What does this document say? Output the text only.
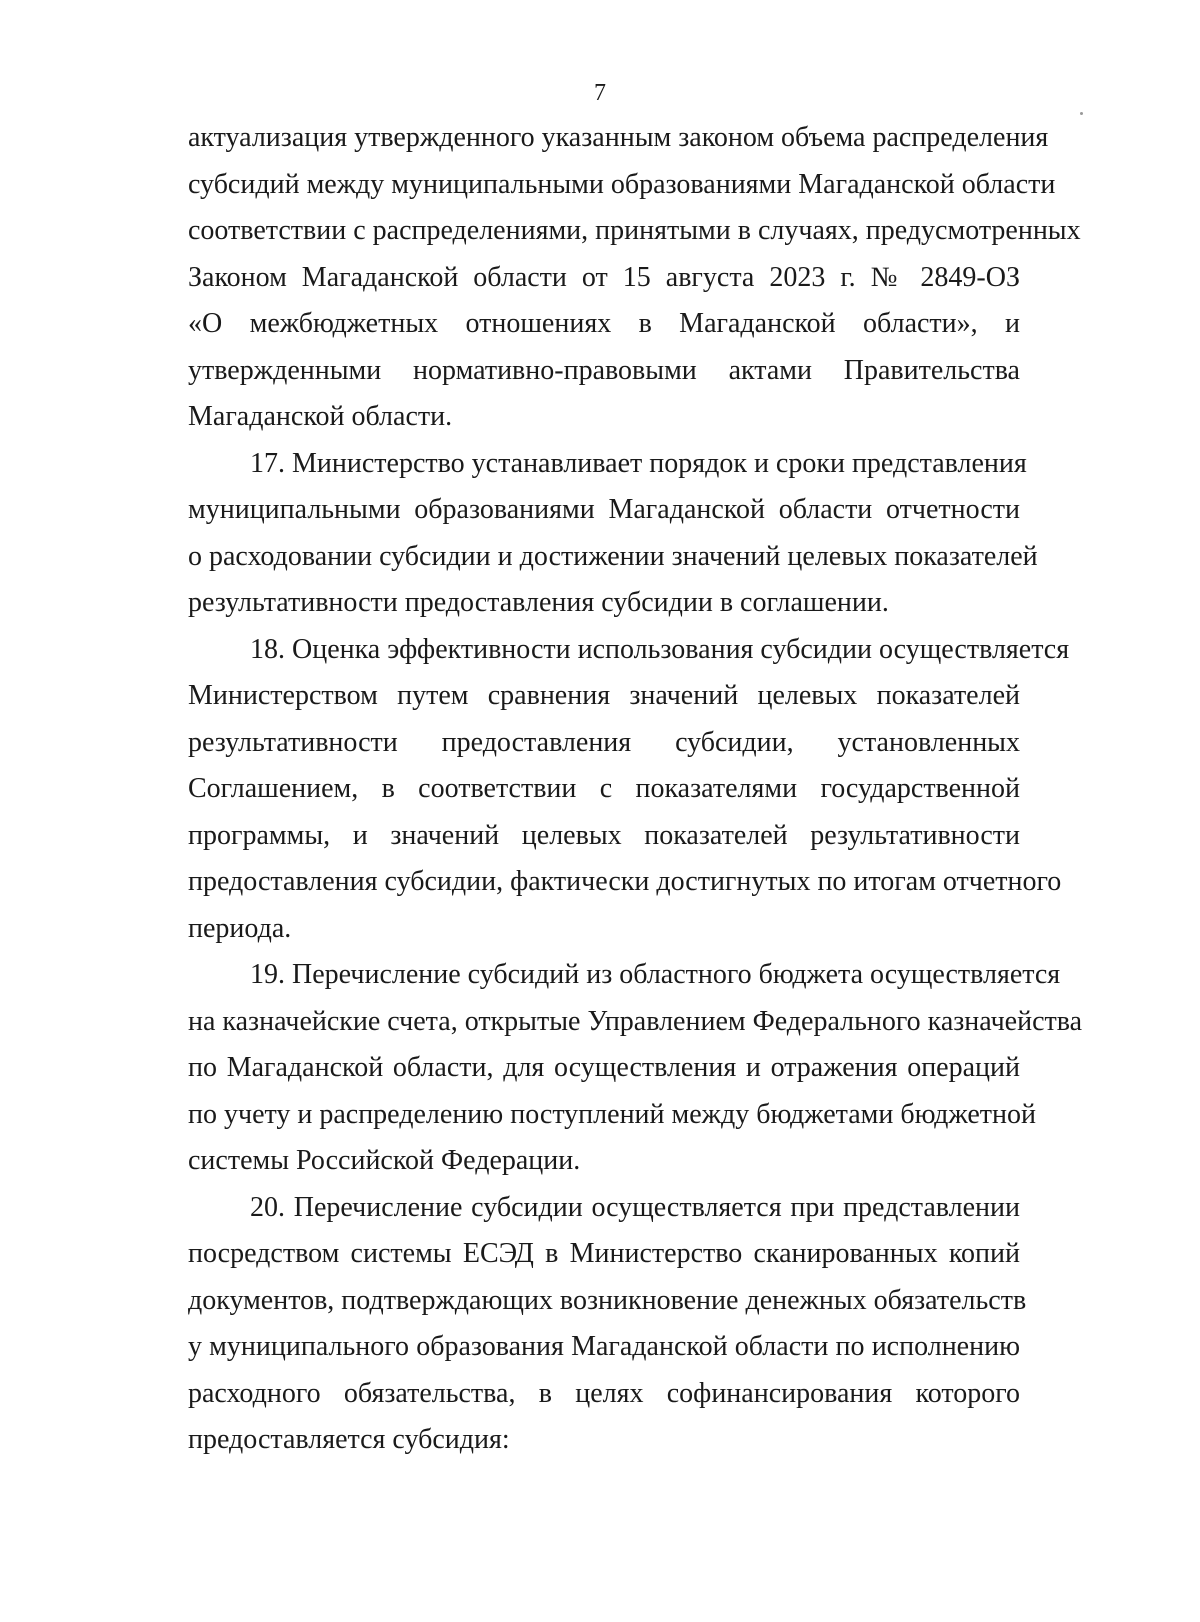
7
актуализация утвержденного указанным законом объема распределения
субсидий между муниципальными образованиями Магаданской области
соответствии с распределениями, принятыми в случаях, предусмотренных
Законом Магаданской области от 15 августа 2023 г. № 2849-ОЗ
«О межбюджетных отношениях в Магаданской области», и
утвержденными нормативно-правовыми актами Правительства
Магаданской области.
17. Министерство устанавливает порядок и сроки представления
муниципальными образованиями Магаданской области отчетности
о расходовании субсидии и достижении значений целевых показателей
результативности предоставления субсидии в соглашении.
18. Оценка эффективности использования субсидии осуществляется
Министерством путем сравнения значений целевых показателей
результативности предоставления субсидии, установленных
Соглашением, в соответствии с показателями государственной
программы, и значений целевых показателей результативности
предоставления субсидии, фактически достигнутых по итогам отчетного
периода.
19. Перечисление субсидий из областного бюджета осуществляется
на казначейские счета, открытые Управлением Федерального казначейства
по Магаданской области, для осуществления и отражения операций
по учету и распределению поступлений между бюджетами бюджетной
системы Российской Федерации.
20. Перечисление субсидии осуществляется при представлении
посредством системы ЕСЭД в Министерство сканированных копий
документов, подтверждающих возникновение денежных обязательств
у муниципального образования Магаданской области по исполнению
расходного обязательства, в целях софинансирования которого
предоставляется субсидия:
